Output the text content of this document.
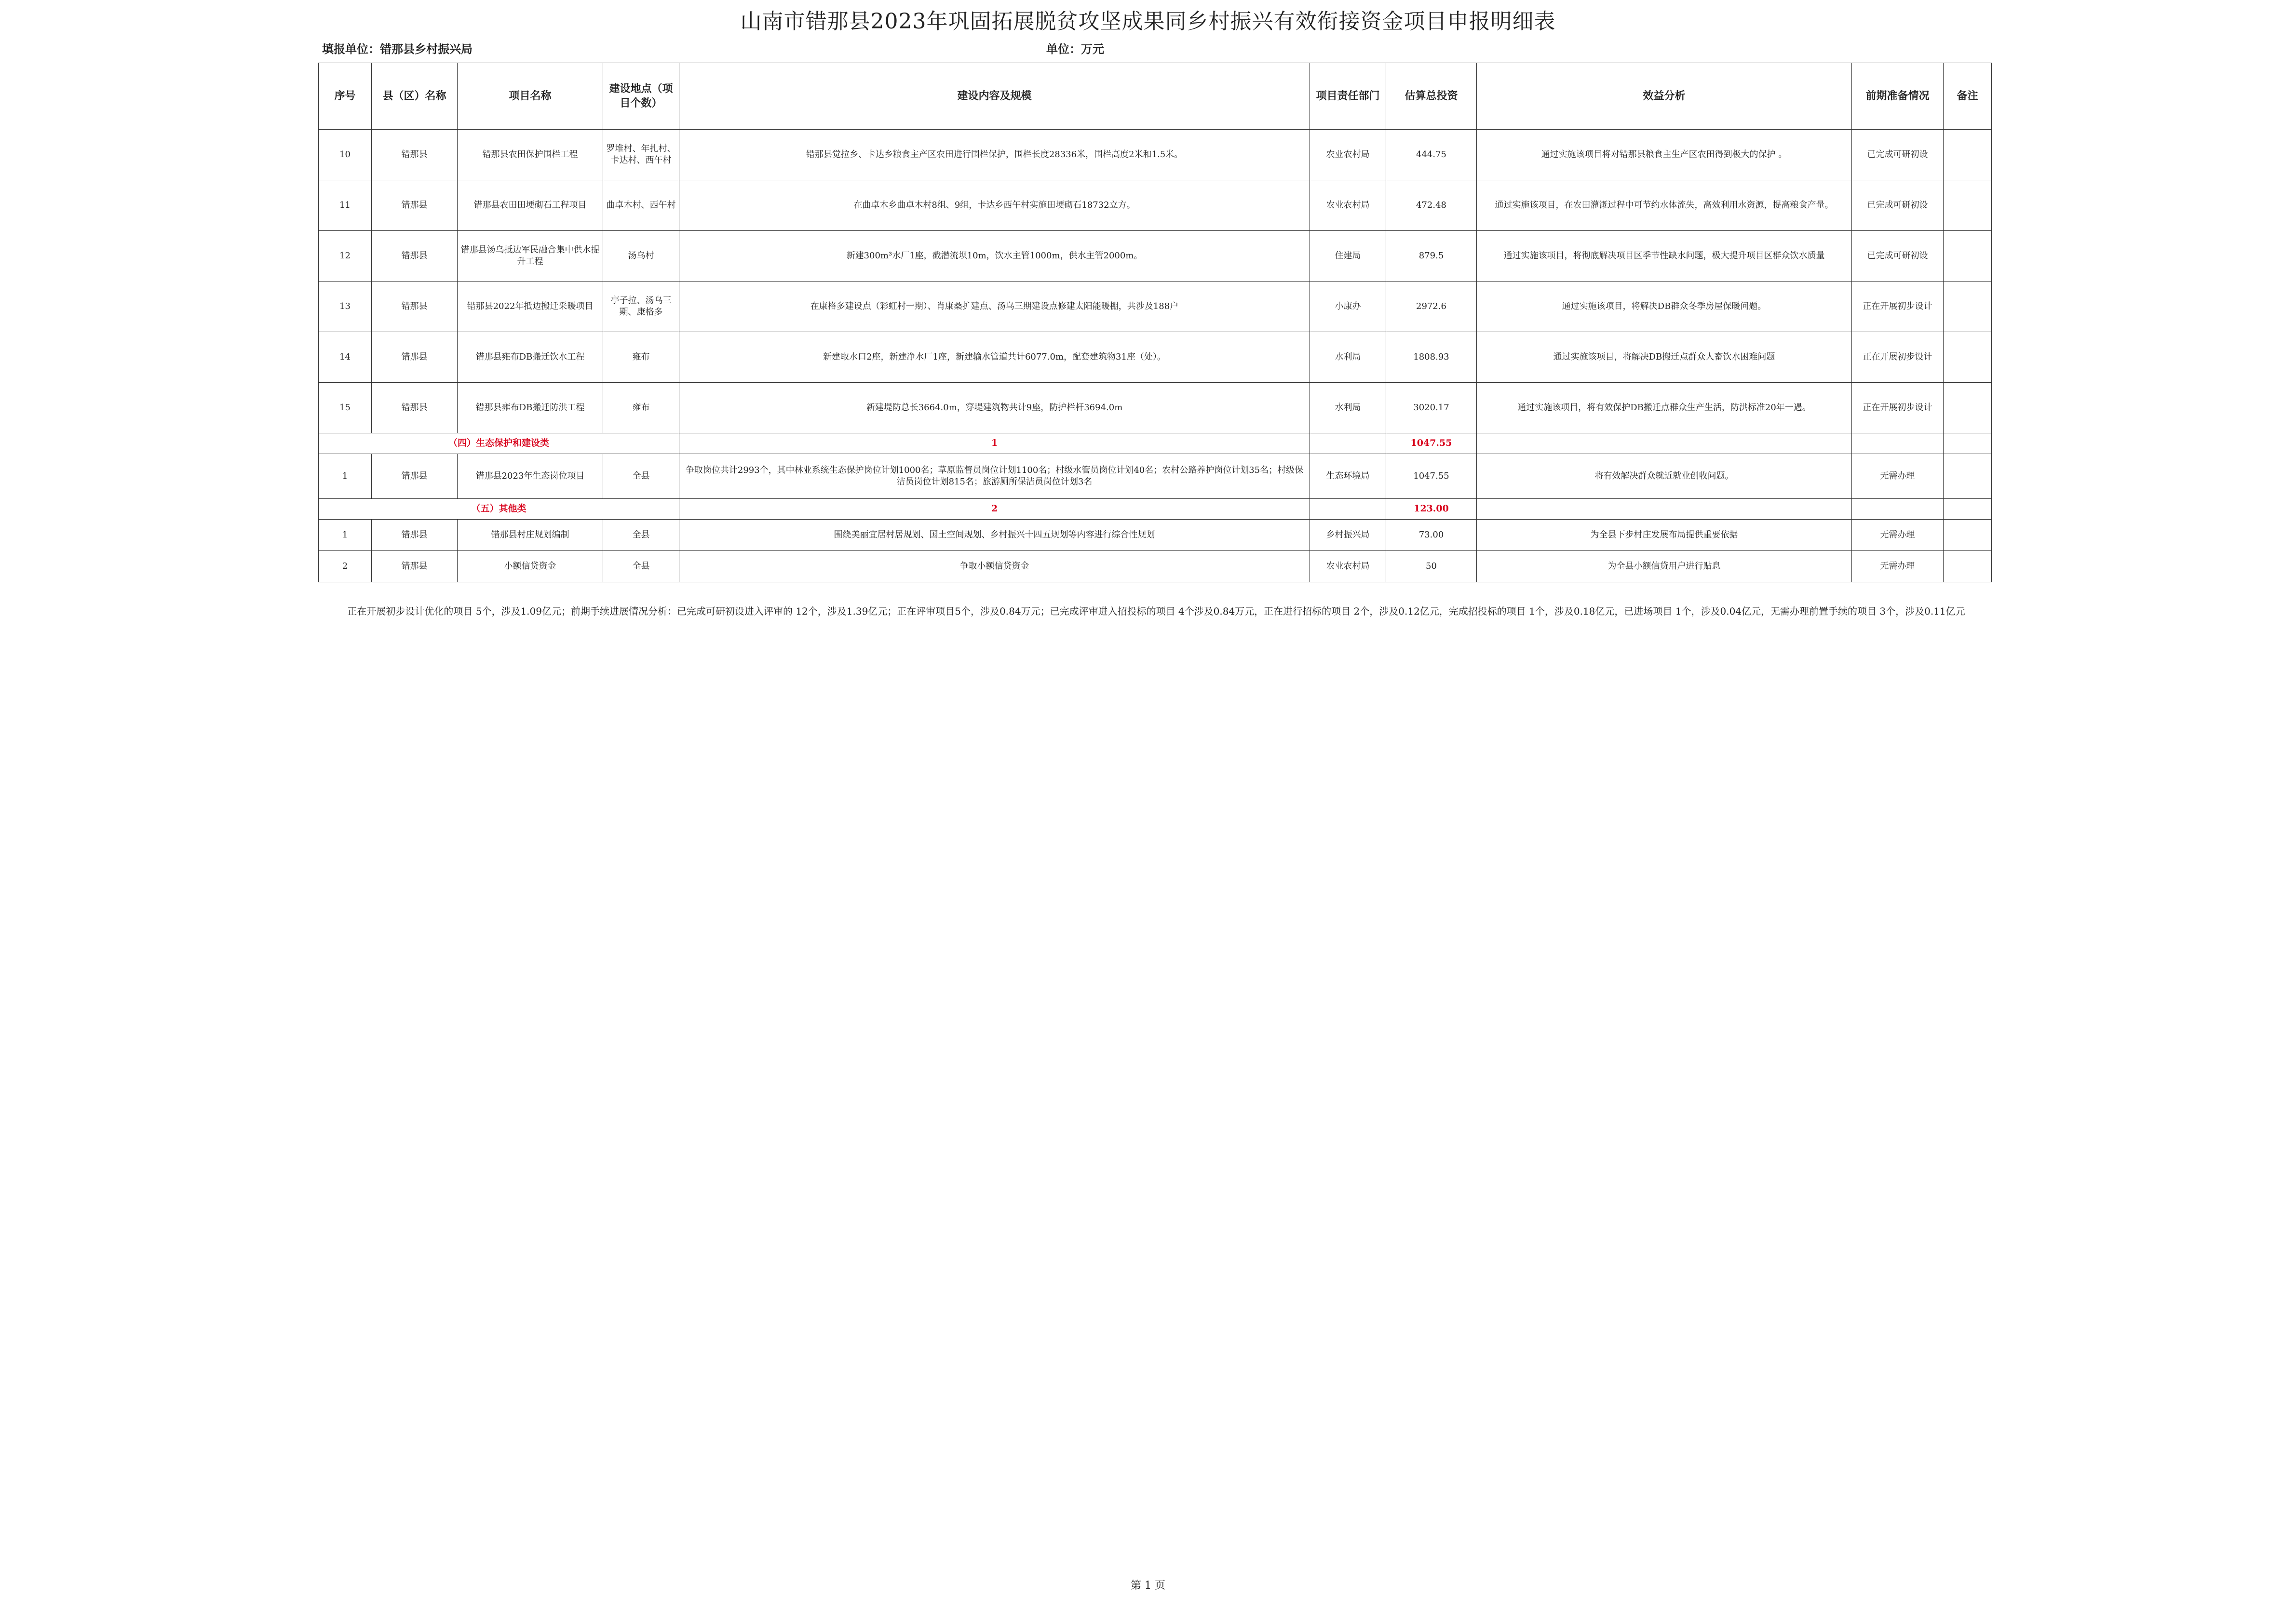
山南市错那县2023年巩固拓展脱贫攻坚成果同乡村振兴有效衔接资金项目申报明细表
填报单位：错那县乡村振兴局	单位：万元
序号	县（区）名称	项目名称	建设地点（项目个数）	建设内容及规模	项目责任部门	估算总投资	效益分析	前期准备情况	备注
10	错那县	错那县农田保护围栏工程	罗堆村、年扎村、卡达村、西午村	错那县觉拉乡、卡达乡粮食主产区农田进行围栏保护，围栏长度28336米，围栏高度2米和1.5米。	农业农村局	444.75	通过实施该项目将对错那县粮食主生产区农田得到极大的保护 。	已完成可研初设	
11	错那县	错那县农田田埂砌石工程项目	曲卓木村、西午村	在曲卓木乡曲卓木村8组、9组，卡达乡西午村实施田埂砌石18732立方。	农业农村局	472.48	通过实施该项目，在农田灌溉过程中可节约水体流失，高效利用水资源，提高粮食产量。	已完成可研初设	
12	错那县	错那县汤乌抵边军民融合集中供水提升工程	汤乌村	新建300m³水厂1座，截潜流坝10m，饮水主管1000m，供水主管2000m。	住建局	879.5	通过实施该项目，将彻底解决项目区季节性缺水问题，极大提升项目区群众饮水质量	已完成可研初设	
13	错那县	错那县2022年抵边搬迁采暖项目	亭子拉、汤乌三期、康格多	在康格多建设点（彩虹村一期）、肖康桑扩建点、汤乌三期建设点修建太阳能暖棚，共涉及188户	小康办	2972.6	通过实施该项目，将解决DB群众冬季房屋保暖问题。	正在开展初步设计	
14	错那县	错那县雍布DB搬迁饮水工程	雍布	新建取水口2座，新建净水厂1座，新建输水管道共计6077.0m，配套建筑物31座（处）。	水利局	1808.93	通过实施该项目，将解决DB搬迁点群众人畜饮水困难问题	正在开展初步设计	
15	错那县	错那县雍布DB搬迁防洪工程	雍布	新建堤防总长3664.0m，穿堤建筑物共计9座，防护栏杆3694.0m	水利局	3020.17	通过实施该项目，将有效保护DB搬迁点群众生产生活，防洪标准20年一遇。	正在开展初步设计	
（四）生态保护和建设类				1		1047.55			
1	错那县	错那县2023年生态岗位项目	全县	争取岗位共计2993个，其中林业系统生态保护岗位计划1000名；草原监督员岗位计划1100名；村级水管员岗位计划40名；农村公路养护岗位计划35名；村级保洁员岗位计划815名；旅游厕所保洁员岗位计划3名	生态环境局	1047.55	将有效解决群众就近就业创收问题。	无需办理	
（五）其他类				2		123.00			
1	错那县	错那县村庄规划编制	全县	围绕美丽宜居村居规划、国土空间规划、乡村振兴十四五规划等内容进行综合性规划	乡村振兴局	73.00	为全县下步村庄发展布局提供重要依据	无需办理	
2	错那县	小额信贷资金	全县	争取小额信贷资金	农业农村局	50	为全县小额信贷用户进行贴息	无需办理	
正在开展初步设计优化的项目 5个，涉及1.09亿元；前期手续进展情况分析：已完成可研初设进入评审的 12个，涉及1.39亿元；正在评审项目5个，涉及0.84万元；已完成评审进入招投标的项目 4个涉及0.84万元，正在进行招标的项目 2个，涉及0.12亿元，完成招投标的项目 1个，涉及0.18亿元，已进场项目 1个，涉及0.04亿元，无需办理前置手续的项目 3个，涉及0.11亿元
第 1 页
